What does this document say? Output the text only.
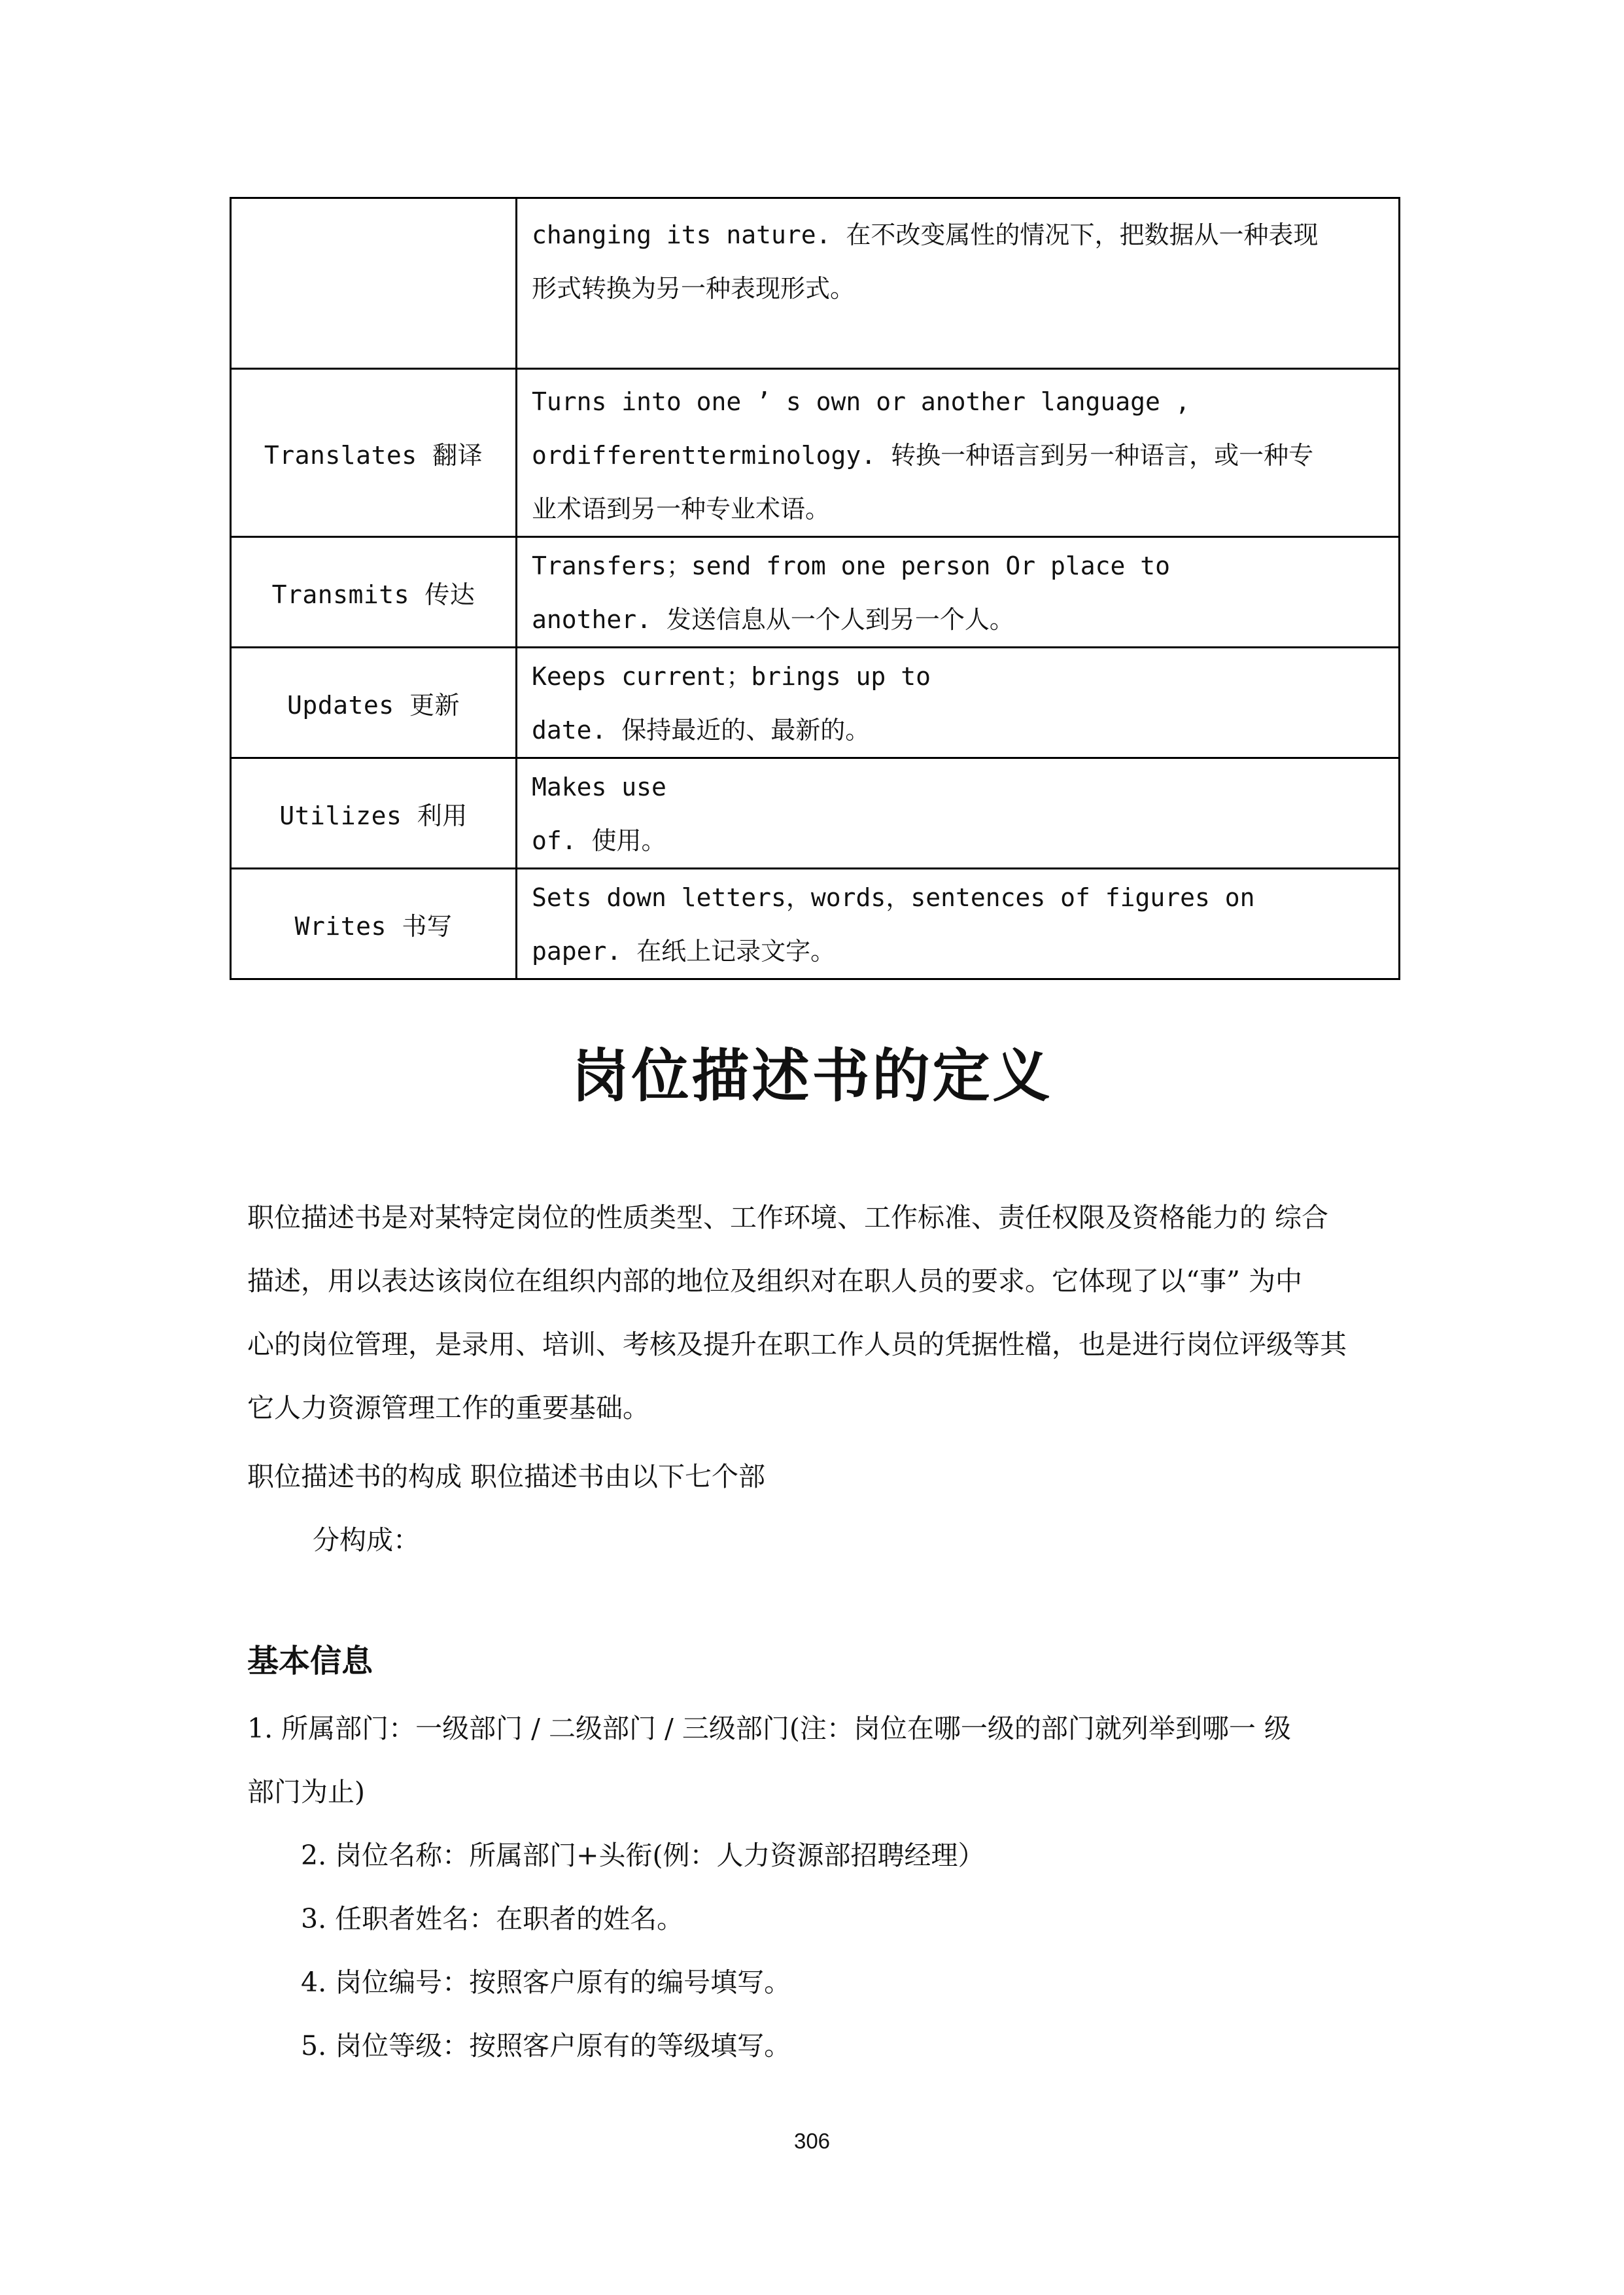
	changing its nature. 在不改变属性的情况下，把数据从一种表现
形式转换为另一种表现形式。

Translates 翻译	Turns into one ’ s own or another language ,
ordifferentterminology. 转换一种语言到另一种语言，或一种专
业术语到另一种专业术语。

Transmits 传达	Transfers；send from one person Or place to
another. 发送信息从一个人到另一个人。

Updates 更新	Keeps current；brings up to
date. 保持最近的、最新的。

Utilizes 利用	Makes use
of. 使用。

Writes 书写	Sets down letters，words，sentences of figures on
paper. 在纸上记录文字。
岗位描述书的定义
职位描述书是对某特定岗位的性质类型、工作环境、工作标准、责任权限及资格能力的 综合
描述，用以表达该岗位在组织内部的地位及组织对在职人员的要求。它体现了以“事” 为中
心的岗位管理，是录用、培训、考核及提升在职工作人员的凭据性檔，也是进行岗位评级等其
它人力资源管理工作的重要基础。
职位描述书的构成 职位描述书由以下七个部
分构成：
基本信息
1. 所属部门：一级部门 / 二级部门 / 三级部门(注：岗位在哪一级的部门就列举到哪一 级
部门为止)
2. 岗位名称：所属部门+头衔(例：人力资源部招聘经理）
3. 任职者姓名：在职者的姓名。
4. 岗位编号：按照客户原有的编号填写。
5. 岗位等级：按照客户原有的等级填写。
306
